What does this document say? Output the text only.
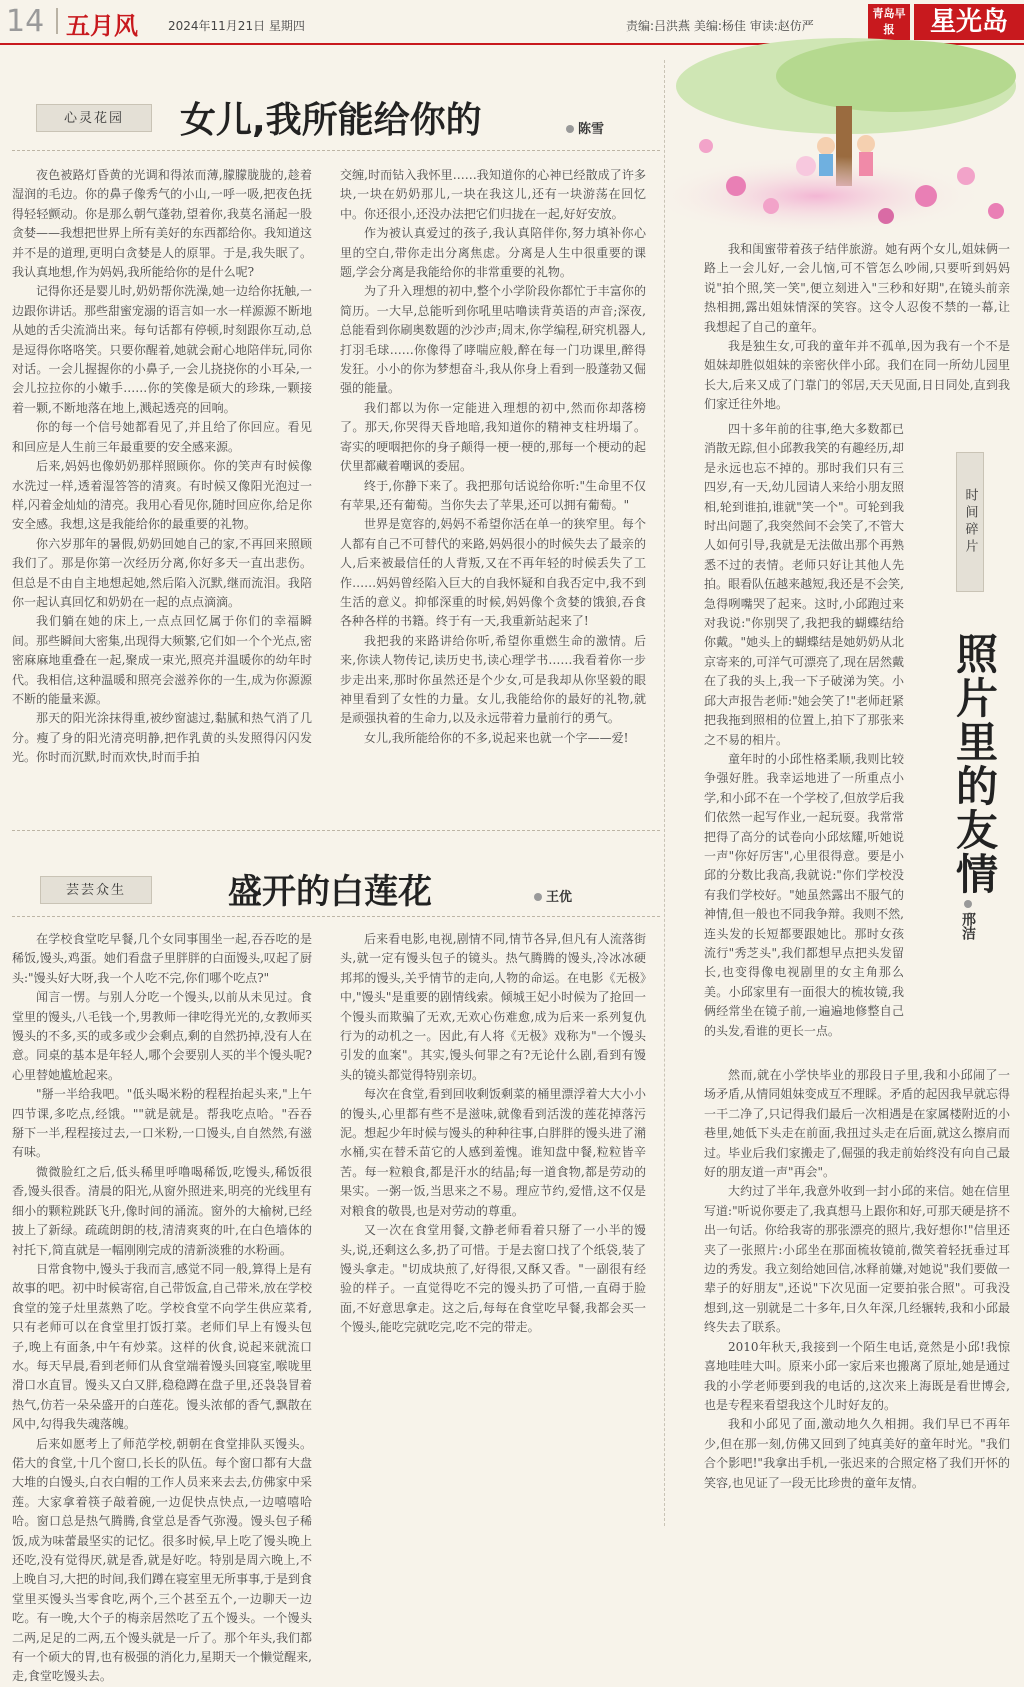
14 五月风	2024年11月21日 星期四	责编:吕洪燕 美编:杨佳 审读:赵仿严
青岛早报	星光岛
心灵花园	女儿,我所能给你的	陈雪

夜色被路灯昏黄的光调和得浓而薄,朦朦胧胧的,趁着湿润的毛边。你的鼻子像秀气的小山,一呼一吸,把夜色抚得轻轻颤动。你是那么朝气蓬勃,望着你,我莫名涌起一股贪婪——我想把世界上所有美好的东西都给你。我知道这并不是的道理,更明白贪婪是人的原罪。于是,我失眠了。我认真地想,作为妈妈,我所能给你的是什么呢?

记得你还是婴儿时,奶奶帮你洗澡,她一边给你抚触,一边跟你讲话。那些甜蜜宠溺的语言如一水一样源源不断地从她的舌尖流淌出来。每句话都有停顿,时刻跟你互动,总是逗得你咯咯笑。只要你醒着,她就会耐心地陪伴玩,同你对话。一会儿握握你的小鼻子,一会儿挠挠你的小耳朵,一会儿拉拉你的小嫩手……你的笑像是硕大的珍珠,一颗接着一颗,不断地落在地上,溅起透亮的回响。

你的每一个信号她都看见了,并且给了你回应。看见和回应是人生前三年最重要的安全感来源。

后来,妈妈也像奶奶那样照顾你。你的笑声有时候像水洗过一样,透着湿答答的清爽。有时候又像阳光泡过一样,闪着金灿灿的清亮。我用心看见你,随时回应你,给足你安全感。我想,这是我能给你的最重要的礼物。

你六岁那年的暑假,奶奶回她自己的家,不再回来照顾我们了。那是你第一次经历分离,你好多天一直出悲伤。但总是不由自主地想起她,然后陷入沉默,继而流泪。我陪你一起认真回忆和奶奶在一起的点点滴滴。

我们躺在她的床上,一点点回忆属于你们的幸福瞬间。那些瞬间大密集,出现得大频繁,它们如一个个光点,密密麻麻地重叠在一起,聚成一束光,照亮并温暖你的幼年时代。我相信,这种温暖和照亮会滋养你的一生,成为你源源不断的能量来源。

那天的阳光涂抹得重,被纱窗滤过,黏腻和热气消了几分。瘦了身的阳光清亮明静,把作乳黄的头发照得闪闪发光。你时而沉默,时而欢快,时而手拍

交缠,时而钻入我怀里……我知道你的心神已经散成了许多块,一块在奶奶那儿,一块在我这儿,还有一块游荡在回忆中。你还很小,还没办法把它们归拢在一起,好好安放。

作为被认真爱过的孩子,我认真陪伴你,努力填补你心里的空白,带你走出分离焦虑。分离是人生中很重要的课题,学会分离是我能给你的非常重要的礼物。

为了升入理想的初中,整个小学阶段你都忙于丰富你的简历。一大早,总能听到你吼里咕噜读背英语的声音;深夜,总能看到你刷奥数题的沙沙声;周末,你学编程,研究机器人,打羽毛球……你像得了哮喘应般,醉在每一门功课里,醉得发狂。小小的你为梦想奋斗,我从你身上看到一股蓬勃又倔强的能量。

我们都以为你一定能进入理想的初中,然而你却落榜了。那天,你哭得天昏地暗,我知道你的精神支柱坍塌了。寄实的哽咽把你的身子颠得一梗一梗的,那每一个梗动的起伏里都藏着嘲讽的委屈。

终于,你静下来了。我把那句话说给你听:"生命里不仅有苹果,还有葡萄。当你失去了苹果,还可以拥有葡萄。"

世界是宽容的,妈妈不希望你活在单一的狭窄里。每个人都有自己不可替代的来路,妈妈很小的时候失去了最亲的人,后来被最信任的人背叛,又在不再年轻的时候丢失了工作……妈妈曾经陷入巨大的自我怀疑和自我否定中,我不到生活的意义。抑郁深重的时候,妈妈像个贪婪的饿狼,吞食各种各样的书籍。终于有一天,我重新站起来了!

我把我的来路讲给你听,希望你重燃生命的激情。后来,你读人物传记,读历史书,读心理学书……我看着你一步步走出来,那时你虽然还是个少女,可是我却从你坚毅的眼神里看到了女性的力量。女儿,我能给你的最好的礼物,就是顽强执着的生命力,以及永远带着力量前行的勇气。

女儿,我所能给你的不多,说起来也就一个字——爱!

芸芸众生	盛开的白莲花	王优

在学校食堂吃早餐,几个女同事围坐一起,吞吞吃的是稀饭,馒头,鸡蛋。她们看盘子里胖胖的白面馒头,叹起了厨头:"馒头好大呀,我一个人吃不完,你们哪个吃点?"

闻言一愣。与别人分吃一个馒头,以前从未见过。食堂里的馒头,八毛钱一个,男教师一律吃得光光的,女教师买馒头的不多,买的或多或少会剩点,剩的自然扔掉,没有人在意。同桌的基本是年轻人,哪个会要别人买的半个馒头呢?心里替她尴尬起来。

"掰一半给我吧。"低头喝米粉的程程抬起头来,"上午四节课,多吃点,经饿。""就是就是。帮我吃点哈。"吞吞掰下一半,程程接过去,一口米粉,一口馒头,自自然然,有滋有味。

微微脸红之后,低头稀里呼噜喝稀饭,吃馒头,稀饭很香,馒头很香。清晨的阳光,从窗外照进来,明亮的光线里有细小的颗粒跳跃飞升,像时间的涌流。窗外的大榆树,已经披上了新绿。疏疏朗朗的枝,清清爽爽的叶,在白色墙体的衬托下,简直就是一幅刚刚完成的清新淡雅的水粉画。

日常食物中,馒头于我而言,感觉不同一般,算得上是有故事的吧。初中时候寄宿,自己带饭盒,自己带米,放在学校食堂的笼子灶里蒸熟了吃。学校食堂不向学生供应菜肴,只有老师可以在食堂里打饭打菜。老师们早上有馒头包子,晚上有面条,中午有炒菜。这样的伙食,说起来就流口水。每天早晨,看到老师们从食堂端着馒头回寝室,喉咙里滑口水直冒。馒头又白又胖,稳稳蹲在盘子里,还袅袅冒着热气,仿若一朵朵盛开的白莲花。馒头浓郁的香气,飘散在风中,勾得我失魂落魄。

后来如愿考上了师范学校,朝朝在食堂排队买馒头。偌大的食堂,十几个窗口,长长的队伍。每个窗口都有大盘大堆的白馒头,白衣白帽的工作人员来来去去,仿佛家中采莲。大家拿着筷子敲着碗,一边促快点快点,一边嘻嘻哈哈。窗口总是热气腾腾,食堂总是香气弥漫。馒头包子稀饭,成为味蕾最坚实的记忆。很多时候,早上吃了馒头晚上还吃,没有觉得厌,就是香,就是好吃。特别是周六晚上,不上晚自习,大把的时间,我们蹲在寝室里无所事事,于是到食堂里买馒头当零食吃,两个,三个甚至五个,一边聊天一边吃。有一晚,大个子的梅亲居然吃了五个馒头。一个馒头二两,足足的二两,五个馒头就是一斤了。那个年头,我们都有一个硕大的胃,也有极强的消化力,星期天一个懒觉醒来,走,食堂吃馒头去。

后来看电影,电视,剧情不同,情节各异,但凡有人流落街头,就一定有馒头包子的镜头。热气腾腾的馒头,冷冰冰硬邦邦的馒头,关乎情节的走向,人物的命运。在电影《无极》中,"馒头"是重要的剧情线索。倾城王妃小时候为了抢回一个馒头而欺骗了无欢,无欢心伤难愈,成为后来一系列复仇行为的动机之一。因此,有人将《无极》戏称为"一个馒头引发的血案"。其实,馒头何罪之有?无论什么剧,看到有馒头的镜头都觉得特别亲切。

每次在食堂,看到回收剩饭剩菜的桶里漂浮着大大小小的馒头,心里都有些不是滋味,就像看到活泼的莲花掉落污泥。想起少年时候与馒头的种种往事,白胖胖的馒头进了潲水桶,实在替禾苗它的人感到羞愧。谁知盘中餐,粒粒皆辛苦。每一粒粮食,都是汗水的结晶;每一道食物,都是劳动的果实。一粥一饭,当思来之不易。理应节约,爱惜,这不仅是对粮食的敬畏,也是对劳动的尊重。

又一次在食堂用餐,文静老师看着只掰了一小半的馒头,说,还剩这么多,扔了可惜。于是去窗口找了个纸袋,装了馒头拿走。"切成块煎了,好得很,又酥又香。"一副很有经验的样子。一直觉得吃不完的馒头扔了可惜,一直碍于脸面,不好意思拿走。这之后,每每在食堂吃早餐,我都会买一个馒头,能吃完就吃完,吃不完的带走。

我和闺蜜带着孩子结伴旅游。她有两个女儿,姐妹俩一路上一会儿好,一会儿恼,可不管怎么吵闹,只要听到妈妈说"拍个照,笑一笑",便立刻进入"三秒和好期",在镜头前亲热相拥,露出姐妹情深的笑容。这令人忍俊不禁的一幕,让我想起了自己的童年。

我是独生女,可我的童年并不孤单,因为我有一个不是姐妹却胜似姐妹的亲密伙伴小邱。我们在同一所幼儿园里长大,后来又成了门靠门的邻居,天天见面,日日同处,直到我们家迁往外地。

四十多年前的往事,绝大多数都已消散无踪,但小邱教我笑的有趣经历,却是永远也忘不掉的。那时我们只有三四岁,有一天,幼儿园请人来给小朋友照相,轮到谁拍,谁就"笑一个"。可轮到我时出问题了,我突然间不会笑了,不管大人如何引导,我就是无法做出那个再熟悉不过的表情。老师只好让其他人先拍。眼看队伍越来越短,我还是不会笑,急得咧嘴哭了起来。这时,小邱跑过来对我说:"你别哭了,我把我的蝴蝶结给你戴。"她头上的蝴蝶结是她奶奶从北京寄来的,可洋气可漂亮了,现在居然戴在了我的头上,我一下子破涕为笑。小邱大声报告老师:"她会笑了!"老师赶紧把我拖到照相的位置上,拍下了那张来之不易的相片。

童年时的小邱性格柔顺,我则比较争强好胜。我幸运地进了一所重点小学,和小邱不在一个学校了,但放学后我们依然一起写作业,一起玩耍。我常常把得了高分的试卷向小邱炫耀,听她说一声"你好厉害",心里很得意。要是小邱的分数比我高,我就说:"你们学校没有我们学校好。"她虽然露出不服气的神情,但一般也不同我争辩。我则不然,连头发的长短都要跟她比。那时女孩流行"秀芝头",我们都想早点把头发留长,也变得像电视剧里的女主角那么美。小邱家里有一面很大的梳妆镜,我俩经常坐在镜子前,一遍遍地修整自己的头发,看谁的更长一点。

然而,就在小学快毕业的那段日子里,我和小邱闹了一场矛盾,从情同姐妹变成互不理睬。矛盾的起因我早就忘得一干二净了,只记得我们最后一次相遇是在家属楼附近的小巷里,她低下头走在前面,我扭过头走在后面,就这么擦肩而过。毕业后我们家搬走了,倔强的我走前始终没有向自己最好的朋友道一声"再会"。

大约过了半年,我意外收到一封小邱的来信。她在信里写道:"听说你要走了,我真想马上跟你和好,可那天硬是挤不出一句话。你给我寄的那张漂亮的照片,我好想你!"信里还夹了一张照片:小邱坐在那面梳妆镜前,微笑着轻抚垂过耳边的秀发。我立刻给她回信,冰释前嫌,对她说"我们要做一辈子的好朋友",还说"下次见面一定要拍张合照"。可我没想到,这一别就是二十多年,日久年深,几经辗转,我和小邱最终失去了联系。

2010年秋天,我接到一个陌生电话,竟然是小邱!我惊喜地哇哇大叫。原来小邱一家后来也搬离了原址,她是通过我的小学老师要到我的电话的,这次来上海既是看世博会,也是专程来看望我这个儿时好友的。

我和小邱见了面,激动地久久相拥。我们早已不再年少,但在那一刻,仿佛又回到了纯真美好的童年时光。"我们合个影吧!"我拿出手机,一张迟来的合照定格了我们开怀的笑容,也见证了一段无比珍贵的童年友情。

时间碎片
照片里的友情
邢洁
